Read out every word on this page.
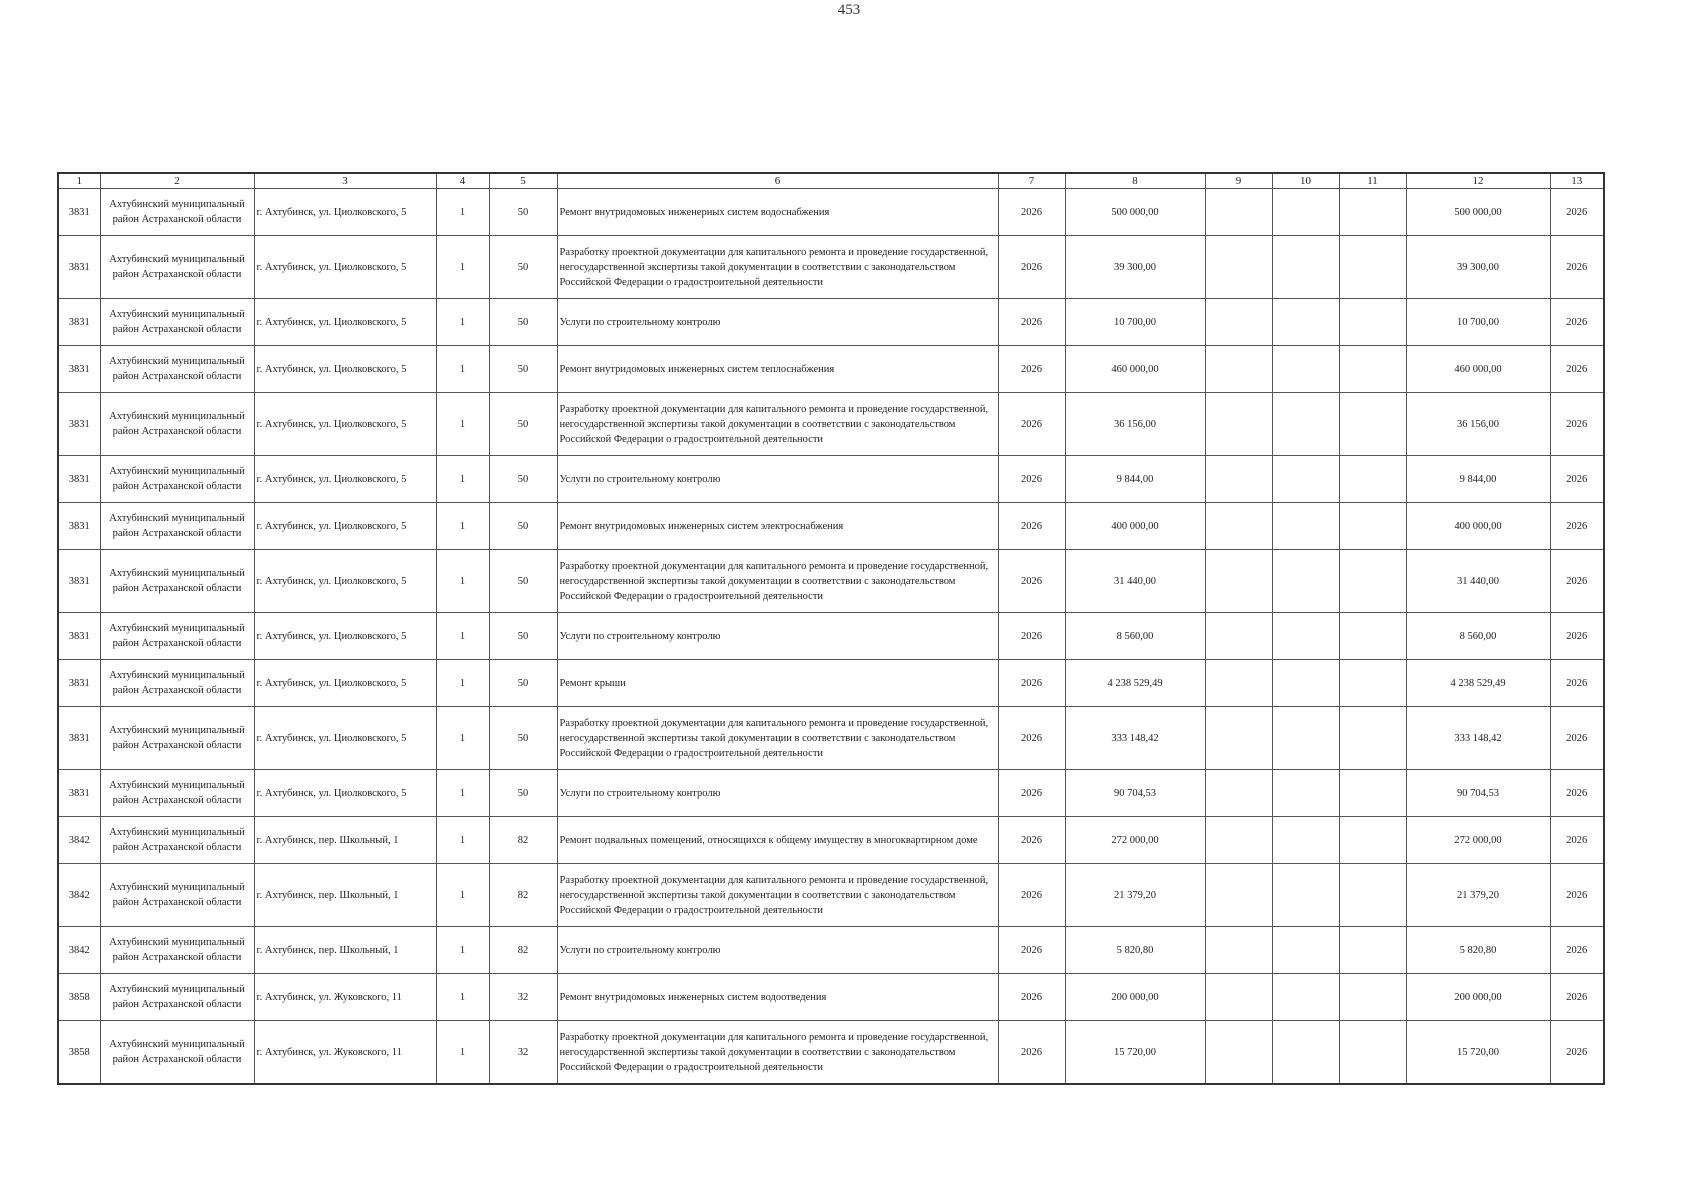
453
1	2	3	4	5	6	7	8	9	10	11	12	13
3831	Ахтубинский муниципальный район Астраханской области	г. Ахтубинск, ул. Циолковского, 5	1	50	Ремонт внутридомовых инженерных систем водоснабжения	2026	500 000,00				500 000,00	2026
3831	Ахтубинский муниципальный район Астраханской области	г. Ахтубинск, ул. Циолковского, 5	1	50	Разработку проектной документации для капитального ремонта и проведение государственной, негосударственной экспертизы такой документации в соответствии с законодательством Российской Федерации о градостроительной деятельности	2026	39 300,00				39 300,00	2026
3831	Ахтубинский муниципальный район Астраханской области	г. Ахтубинск, ул. Циолковского, 5	1	50	Услуги по строительному контролю	2026	10 700,00				10 700,00	2026
3831	Ахтубинский муниципальный район Астраханской области	г. Ахтубинск, ул. Циолковского, 5	1	50	Ремонт внутридомовых инженерных систем теплоснабжения	2026	460 000,00				460 000,00	2026
3831	Ахтубинский муниципальный район Астраханской области	г. Ахтубинск, ул. Циолковского, 5	1	50	Разработку проектной документации для капитального ремонта и проведение государственной, негосударственной экспертизы такой документации в соответствии с законодательством Российской Федерации о градостроительной деятельности	2026	36 156,00				36 156,00	2026
3831	Ахтубинский муниципальный район Астраханской области	г. Ахтубинск, ул. Циолковского, 5	1	50	Услуги по строительному контролю	2026	9 844,00				9 844,00	2026
3831	Ахтубинский муниципальный район Астраханской области	г. Ахтубинск, ул. Циолковского, 5	1	50	Ремонт внутридомовых инженерных систем электроснабжения	2026	400 000,00				400 000,00	2026
3831	Ахтубинский муниципальный район Астраханской области	г. Ахтубинск, ул. Циолковского, 5	1	50	Разработку проектной документации для капитального ремонта и проведение государственной, негосударственной экспертизы такой документации в соответствии с законодательством Российской Федерации о градостроительной деятельности	2026	31 440,00				31 440,00	2026
3831	Ахтубинский муниципальный район Астраханской области	г. Ахтубинск, ул. Циолковского, 5	1	50	Услуги по строительному контролю	2026	8 560,00				8 560,00	2026
3831	Ахтубинский муниципальный район Астраханской области	г. Ахтубинск, ул. Циолковского, 5	1	50	Ремонт крыши	2026	4 238 529,49				4 238 529,49	2026
3831	Ахтубинский муниципальный район Астраханской области	г. Ахтубинск, ул. Циолковского, 5	1	50	Разработку проектной документации для капитального ремонта и проведение государственной, негосударственной экспертизы такой документации в соответствии с законодательством Российской Федерации о градостроительной деятельности	2026	333 148,42				333 148,42	2026
3831	Ахтубинский муниципальный район Астраханской области	г. Ахтубинск, ул. Циолковского, 5	1	50	Услуги по строительному контролю	2026	90 704,53				90 704,53	2026
3842	Ахтубинский муниципальный район Астраханской области	г. Ахтубинск, пер. Школьный, 1	1	82	Ремонт подвальных помещений, относящихся к общему имуществу в многоквартирном доме	2026	272 000,00				272 000,00	2026
3842	Ахтубинский муниципальный район Астраханской области	г. Ахтубинск, пер. Школьный, 1	1	82	Разработку проектной документации для капитального ремонта и проведение государственной, негосударственной экспертизы такой документации в соответствии с законодательством Российской Федерации о градостроительной деятельности	2026	21 379,20				21 379,20	2026
3842	Ахтубинский муниципальный район Астраханской области	г. Ахтубинск, пер. Школьный, 1	1	82	Услуги по строительному контролю	2026	5 820,80				5 820,80	2026
3858	Ахтубинский муниципальный район Астраханской области	г. Ахтубинск, ул. Жуковского, 11	1	32	Ремонт внутридомовых инженерных систем водоотведения	2026	200 000,00				200 000,00	2026
3858	Ахтубинский муниципальный район Астраханской области	г. Ахтубинск, ул. Жуковского, 11	1	32	Разработку проектной документации для капитального ремонта и проведение государственной, негосударственной экспертизы такой документации в соответствии с законодательством Российской Федерации о градостроительной деятельности	2026	15 720,00				15 720,00	2026
